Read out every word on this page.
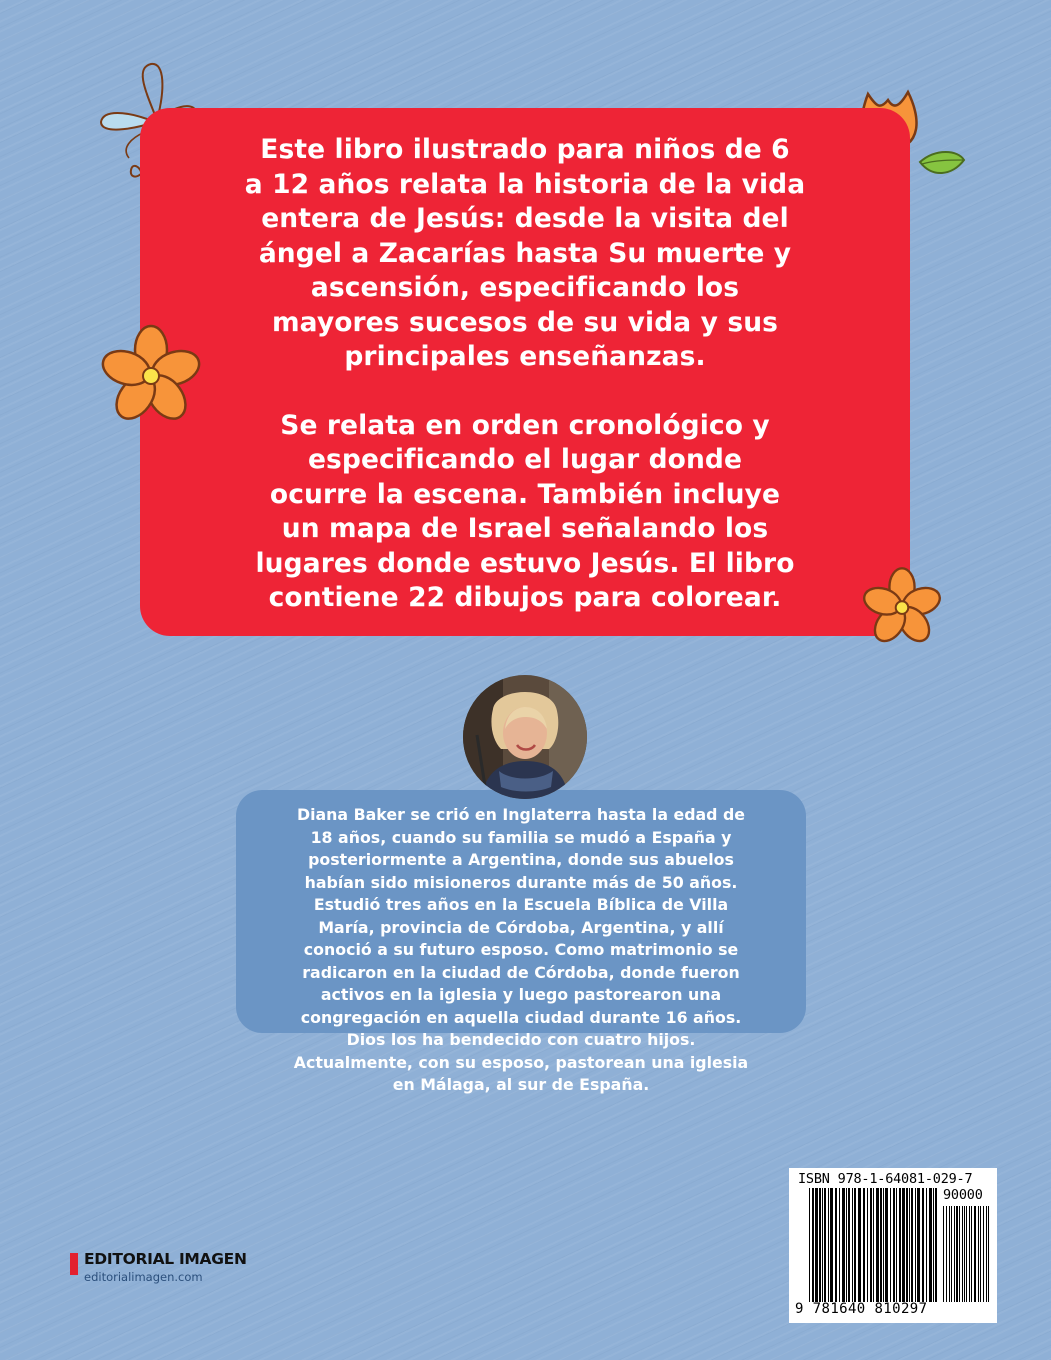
Este libro ilustrado para niños de 6
a 12 años relata la historia de la vida
entera de Jesús: desde la visita del
ángel a Zacarías hasta Su muerte y
ascensión, especificando los
mayores sucesos de su vida y sus
principales enseñanzas.

Se relata en orden cronológico y
especificando el lugar donde
ocurre la escena. También incluye
un mapa de Israel señalando los
lugares donde estuvo Jesús. El libro
contiene 22 dibujos para colorear.

Diana Baker se crió en Inglaterra hasta la edad de
18 años, cuando su familia se mudó a España y
posteriormente a Argentina, donde sus abuelos
habían sido misioneros durante más de 50 años.
Estudió tres años en la Escuela Bíblica de Villa
María, provincia de Córdoba, Argentina, y allí
conoció a su futuro esposo. Como matrimonio se
radicaron en la ciudad de Córdoba, donde fueron
activos en la iglesia y luego pastorearon una
congregación en aquella ciudad durante 16 años.
Dios los ha bendecido con cuatro hijos.
Actualmente, con su esposo, pastorean una iglesia
en Málaga, al sur de España.
EDITORIAL IMAGEN
editorialimagen.com
ISBN 978-1-64081-029-7
90000
9 781640 810297
